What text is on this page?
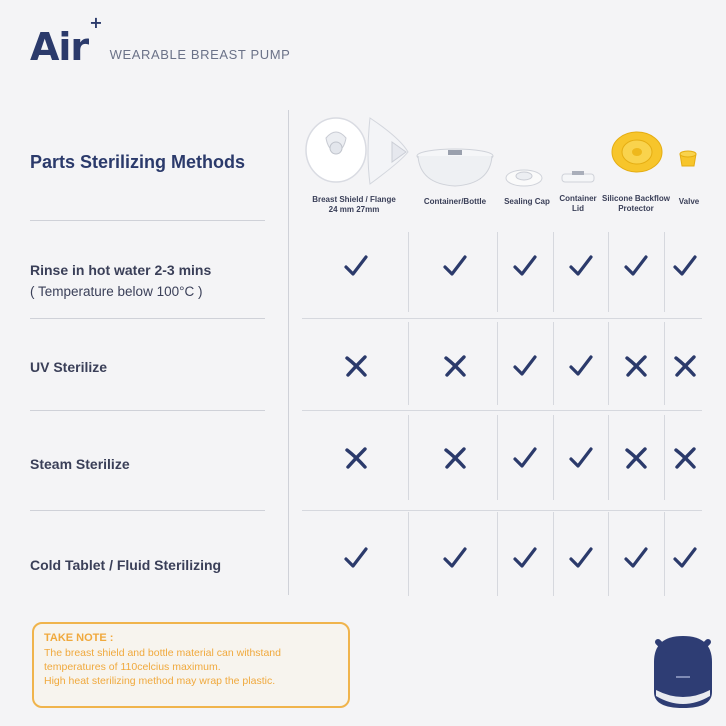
Air+
WEARABLE BREAST PUMP
Parts Sterilizing Methods
Rinse in hot water 2-3 mins
( Temperature below 100°C )
UV Sterilize
Steam Sterilize
Cold Tablet / Fluid Sterilizing
Breast Shield / Flange
24 mm 27mm
Container/Bottle	Sealing Cap	Container
Lid
Silicone Backflow
Protector
Valve
TAKE NOTE :
The breast shield and bottle material can withstand
temperatures of 110celcius maximum.
High heat sterilizing method may wrap the plastic.
